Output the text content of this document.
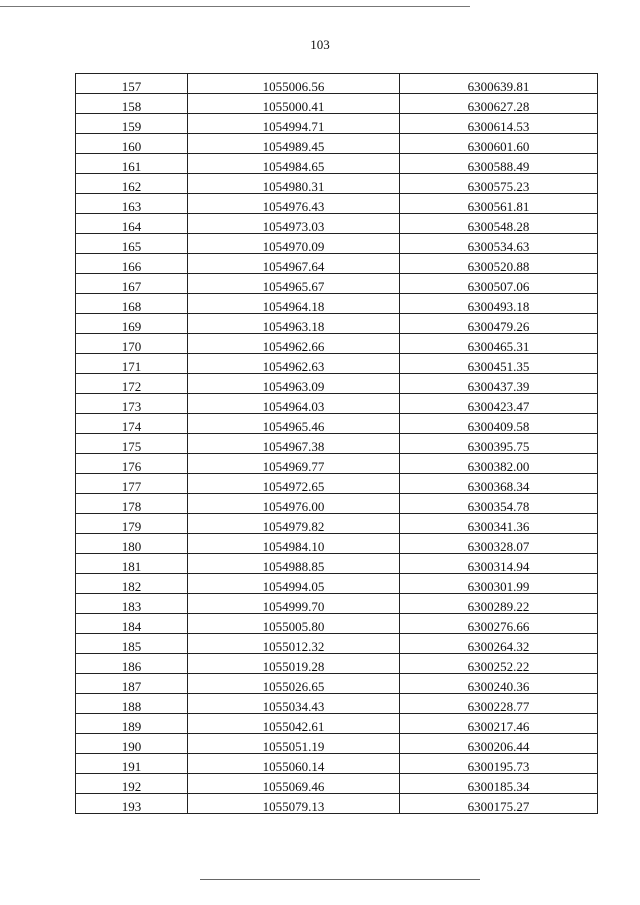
103
157	1055006.56	6300639.81
158	1055000.41	6300627.28
159	1054994.71	6300614.53
160	1054989.45	6300601.60
161	1054984.65	6300588.49
162	1054980.31	6300575.23
163	1054976.43	6300561.81
164	1054973.03	6300548.28
165	1054970.09	6300534.63
166	1054967.64	6300520.88
167	1054965.67	6300507.06
168	1054964.18	6300493.18
169	1054963.18	6300479.26
170	1054962.66	6300465.31
171	1054962.63	6300451.35
172	1054963.09	6300437.39
173	1054964.03	6300423.47
174	1054965.46	6300409.58
175	1054967.38	6300395.75
176	1054969.77	6300382.00
177	1054972.65	6300368.34
178	1054976.00	6300354.78
179	1054979.82	6300341.36
180	1054984.10	6300328.07
181	1054988.85	6300314.94
182	1054994.05	6300301.99
183	1054999.70	6300289.22
184	1055005.80	6300276.66
185	1055012.32	6300264.32
186	1055019.28	6300252.22
187	1055026.65	6300240.36
188	1055034.43	6300228.77
189	1055042.61	6300217.46
190	1055051.19	6300206.44
191	1055060.14	6300195.73
192	1055069.46	6300185.34
193	1055079.13	6300175.27
